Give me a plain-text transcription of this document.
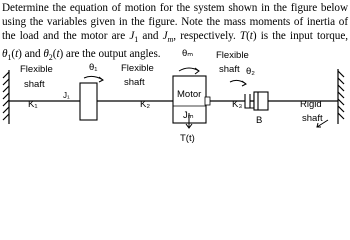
Determine the equation of motion for the system shown in the figure below using the variables given in the figure. Note the mass moments of inertia of the load and the motor are $J_1$ and $J_m$, respectively. T(t) is the input torque, $\theta_1(t)$ and $\theta_2(t)$ are the output angles.

Flexible
shaft
K₁
J₁
θ₁ Flexible
shaft
K₂
θₘ
Motor
Jₘ
Flexible
shaft θ₂
K₃
B
Rigid
shaft
T(t)
